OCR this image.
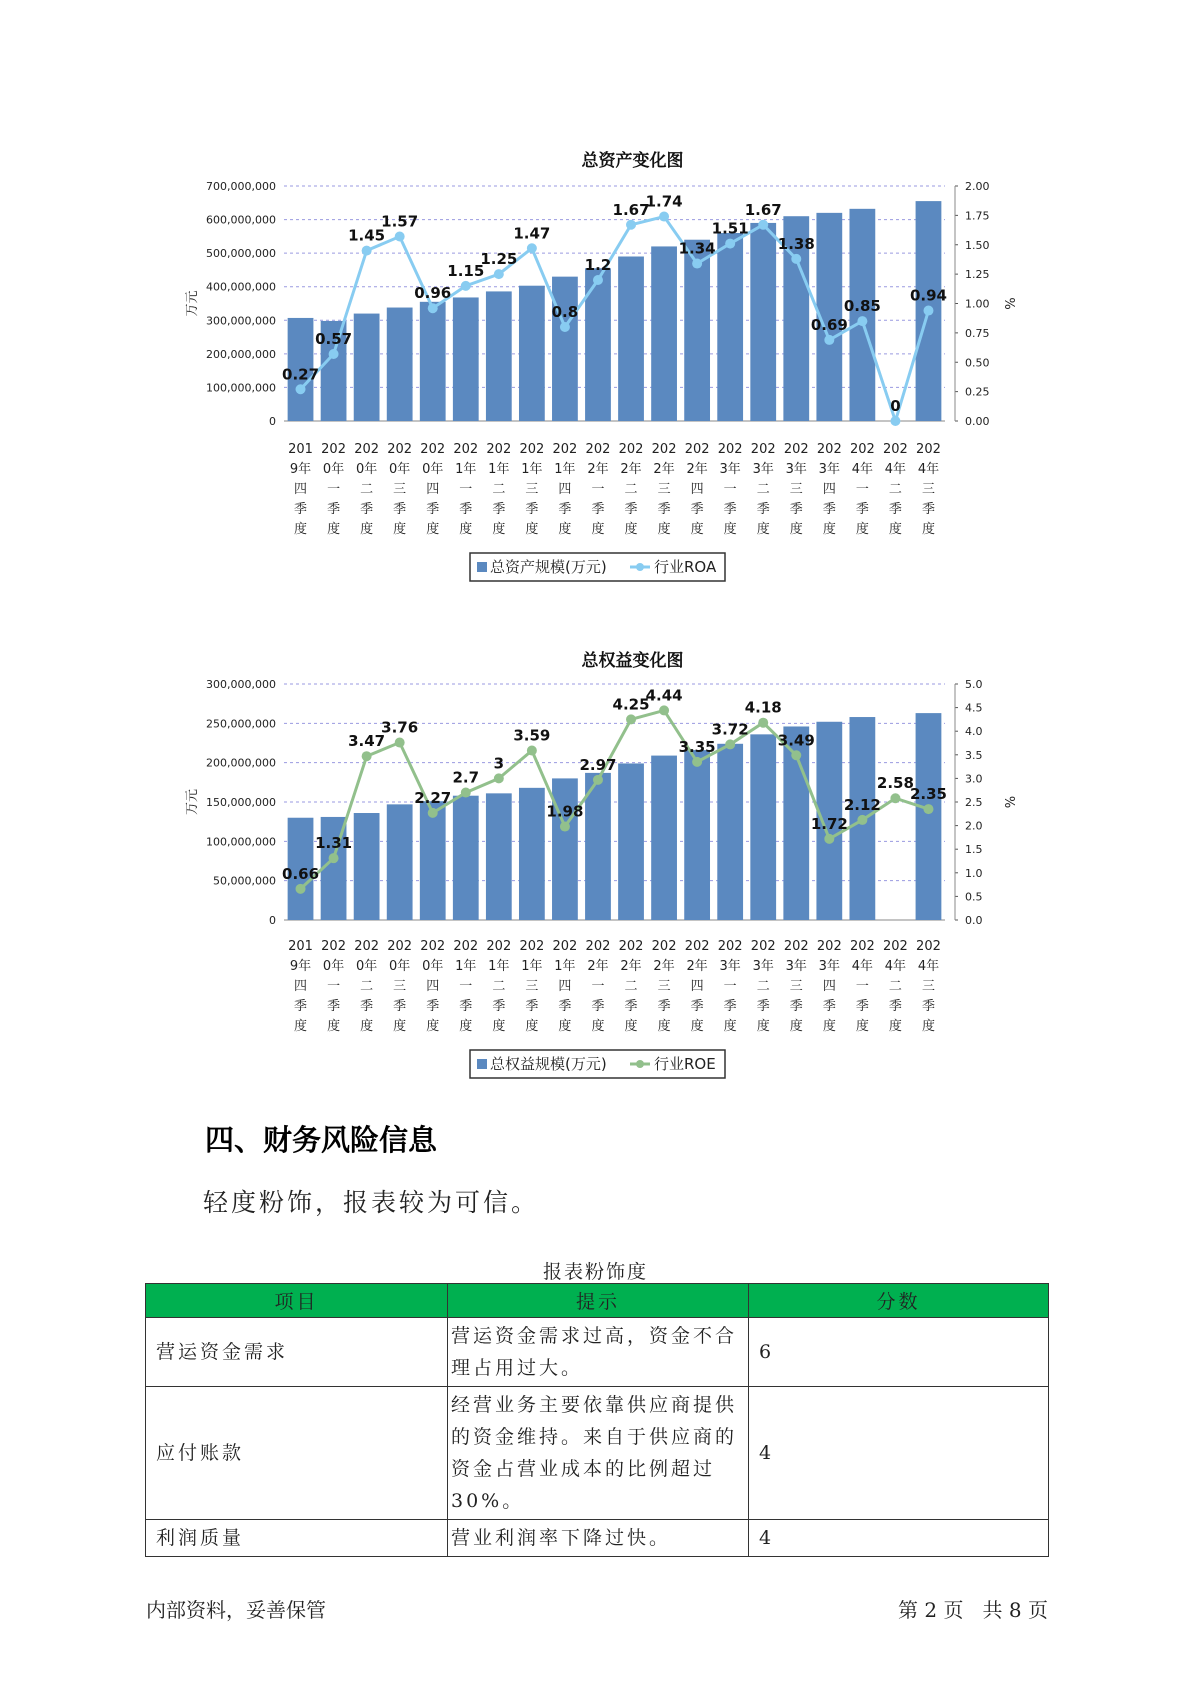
总资产变化图
0
100,000,000
200,000,000
300,000,000
400,000,000
500,000,000
600,000,000
700,000,000
0.00
0.25
0.50
0.75
1.00
1.25
1.50
1.75
2.00
万元	%
0.27
0.57
1.45
1.57
0.96
1.15
1.25
1.47
0.8
1.2
1.67
1.74
1.34
1.51
1.67
1.38
0.69
0.85
0
0.94
201 9年四季度
202 0年一季度
202 0年二季度
202 0年三季度
202 0年四季度
202 1年一季度
202 1年二季度
202 1年三季度
202 1年四季度
202 2年一季度
202 2年二季度
202 2年三季度
202 2年四季度
202 3年一季度
202 3年二季度
202 3年三季度
202 3年四季度
202 4年一季度
202 4年二季度
202 4年三季度
总资产规模(万元)	行业ROA
总权益变化图
0
50,000,000
100,000,000
150,000,000
200,000,000
250,000,000
300,000,000
0.0
0.5
1.0
1.5
2.0
2.5
3.0
3.5
4.0
4.5
5.0
万元	%
0.66
1.31
3.47
3.76
2.27
2.7
3
3.59
1.98
2.97
4.25
4.44
3.35
3.72
4.18
3.49
1.72
2.12
2.58
2.35
201 9年四季度
202 0年一季度
202 0年二季度
202 0年三季度
202 0年四季度
202 1年一季度
202 1年二季度
202 1年三季度
202 1年四季度
202 2年一季度
202 2年二季度
202 2年三季度
202 2年四季度
202 3年一季度
202 3年二季度
202 3年三季度
202 3年四季度
202 4年一季度
202 4年二季度
202 4年三季度
总权益规模(万元)	行业ROE
四、财务风险信息

轻度粉饰，报表较为可信。

报表粉饰度
项目	提示	分数
营运资金需求	营运资金需求过高，资金不合理占用过大。	6
应付账款	经营业务主要依靠供应商提供的资金维持。来自于供应商的资金占营业成本的比例超过30%。	4
利润质量	营业利润率下降过快。	4
内部资料，妥善保管	第 2 页   共 8 页
